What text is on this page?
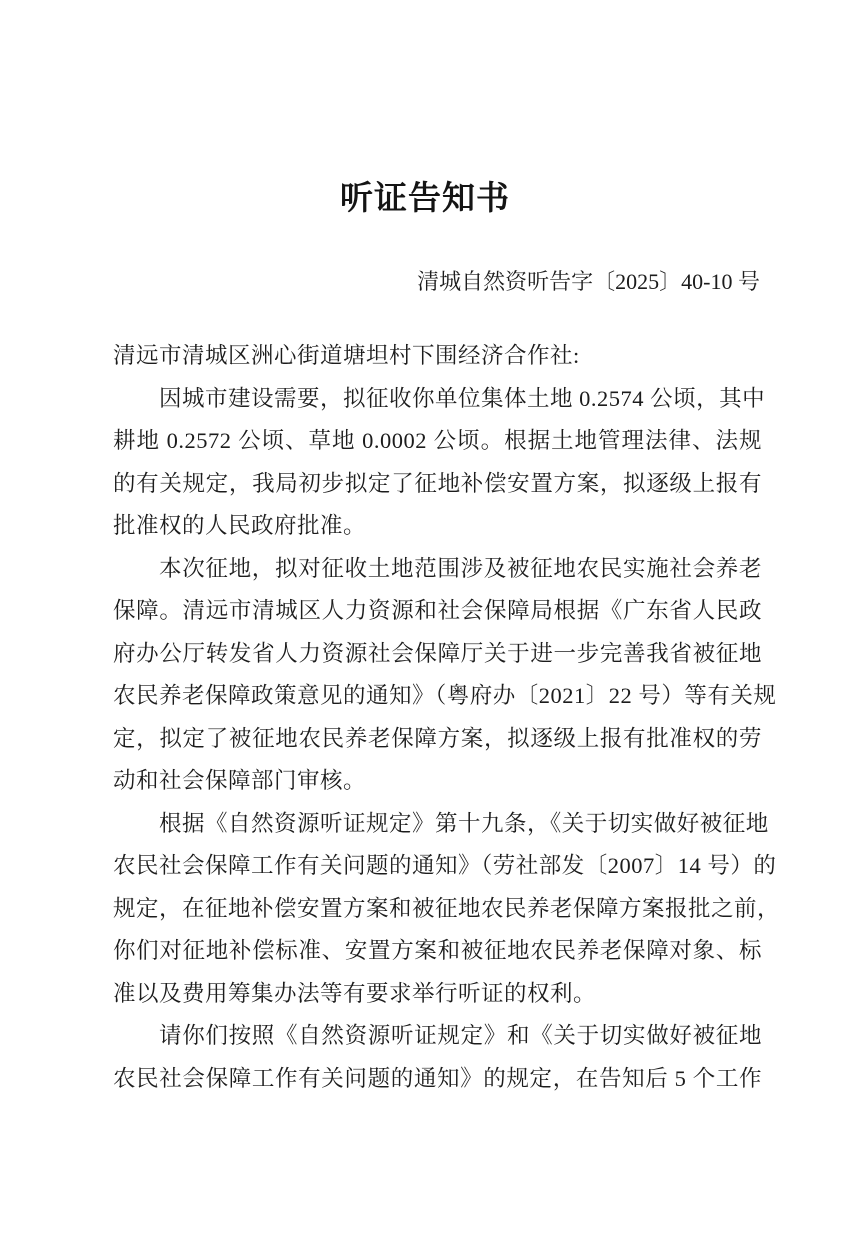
听证告知书
清城自然资听告字〔2025〕40-10 号
清远市清城区洲心街道塘坦村下围经济合作社:
因城市建设需要，拟征收你单位集体土地 0.2574 公顷，其中
耕地 0.2572 公顷、草地 0.0002 公顷。根据土地管理法律、法规
的有关规定，我局初步拟定了征地补偿安置方案，拟逐级上报有
批准权的人民政府批准。
本次征地，拟对征收土地范围涉及被征地农民实施社会养老
保障。清远市清城区人力资源和社会保障局根据《广东省人民政
府办公厅转发省人力资源社会保障厅关于进一步完善我省被征地
农民养老保障政策意见的通知》（粤府办〔2021〕22 号）等有关规
定，拟定了被征地农民养老保障方案，拟逐级上报有批准权的劳
动和社会保障部门审核。
根据《自然资源听证规定》第十九条，《关于切实做好被征地
农民社会保障工作有关问题的通知》（劳社部发〔2007〕14 号）的
规定，在征地补偿安置方案和被征地农民养老保障方案报批之前，
你们对征地补偿标准、安置方案和被征地农民养老保障对象、标
准以及费用筹集办法等有要求举行听证的权利。
请你们按照《自然资源听证规定》和《关于切实做好被征地
农民社会保障工作有关问题的通知》的规定，在告知后 5 个工作
